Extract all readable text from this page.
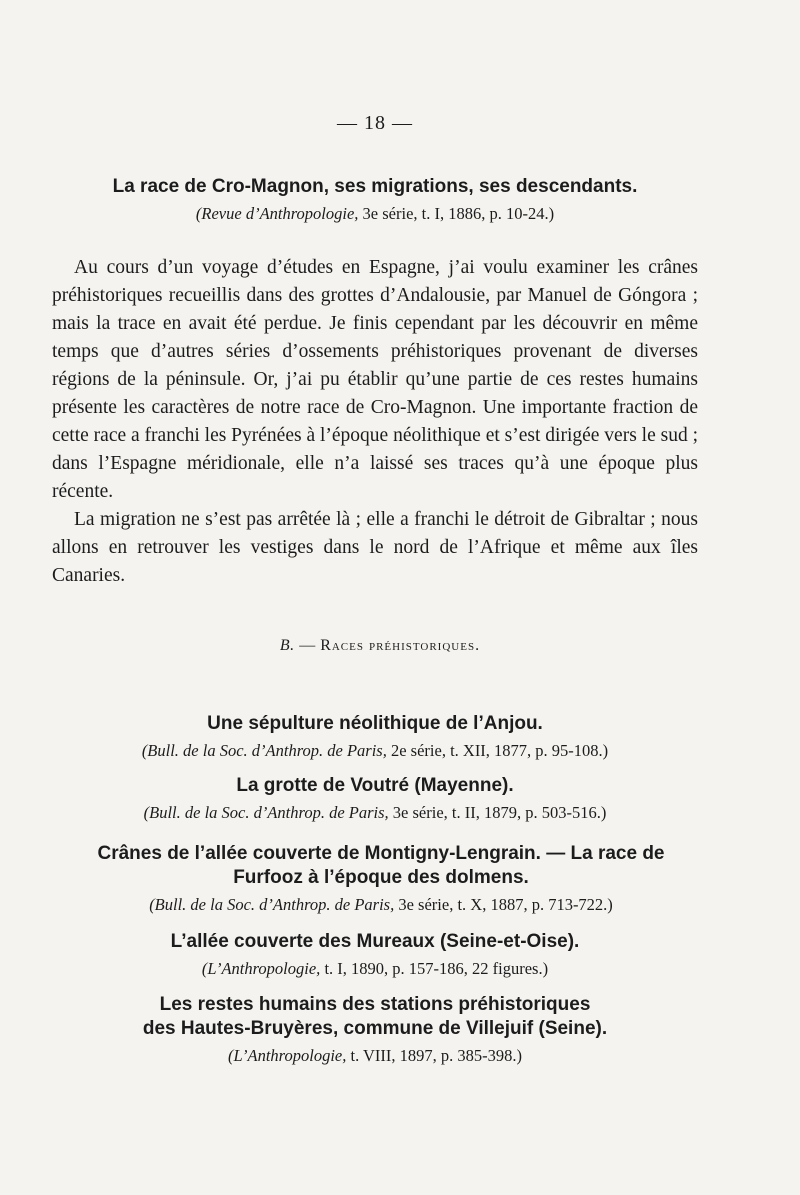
— 18 —

La race de Cro-Magnon, ses migrations, ses descendants.

(Revue d’Anthropologie, 3e série, t. I, 1886, p. 10-24.)

Au cours d’un voyage d’études en Espagne, j’ai voulu examiner les crânes préhistoriques recueillis dans des grottes d’Andalousie, par Manuel de Góngora ; mais la trace en avait été perdue. Je finis cependant par les découvrir en même temps que d’autres séries d’ossements préhistoriques provenant de diverses régions de la péninsule. Or, j’ai pu établir qu’une partie de ces restes humains présente les caractères de notre race de Cro-Magnon. Une importante fraction de cette race a franchi les Pyrénées à l’époque néolithique et s’est dirigée vers le sud ; dans l’Espagne méridionale, elle n’a laissé ses traces qu’à une époque plus récente.

La migration ne s’est pas arrêtée là ; elle a franchi le détroit de Gibraltar ; nous allons en retrouver les vestiges dans le nord de l’Afrique et même aux îles Canaries.

B. — Races préhistoriques.

Une sépulture néolithique de l’Anjou.

(Bull. de la Soc. d’Anthrop. de Paris, 2e série, t. XII, 1877, p. 95-108.)

La grotte de Voutré (Mayenne).

(Bull. de la Soc. d’Anthrop. de Paris, 3e série, t. II, 1879, p. 503-516.)

Crânes de l’allée couverte de Montigny-Lengrain. — La race de

Furfooz à l’époque des dolmens.

(Bull. de la Soc. d’Anthrop. de Paris, 3e série, t. X, 1887, p. 713-722.)

L’allée couverte des Mureaux (Seine-et-Oise).

(L’Anthropologie, t. I, 1890, p. 157-186, 22 figures.)

Les restes humains des stations préhistoriques

des Hautes-Bruyères, commune de Villejuif (Seine).

(L’Anthropologie, t. VIII, 1897, p. 385-398.)
